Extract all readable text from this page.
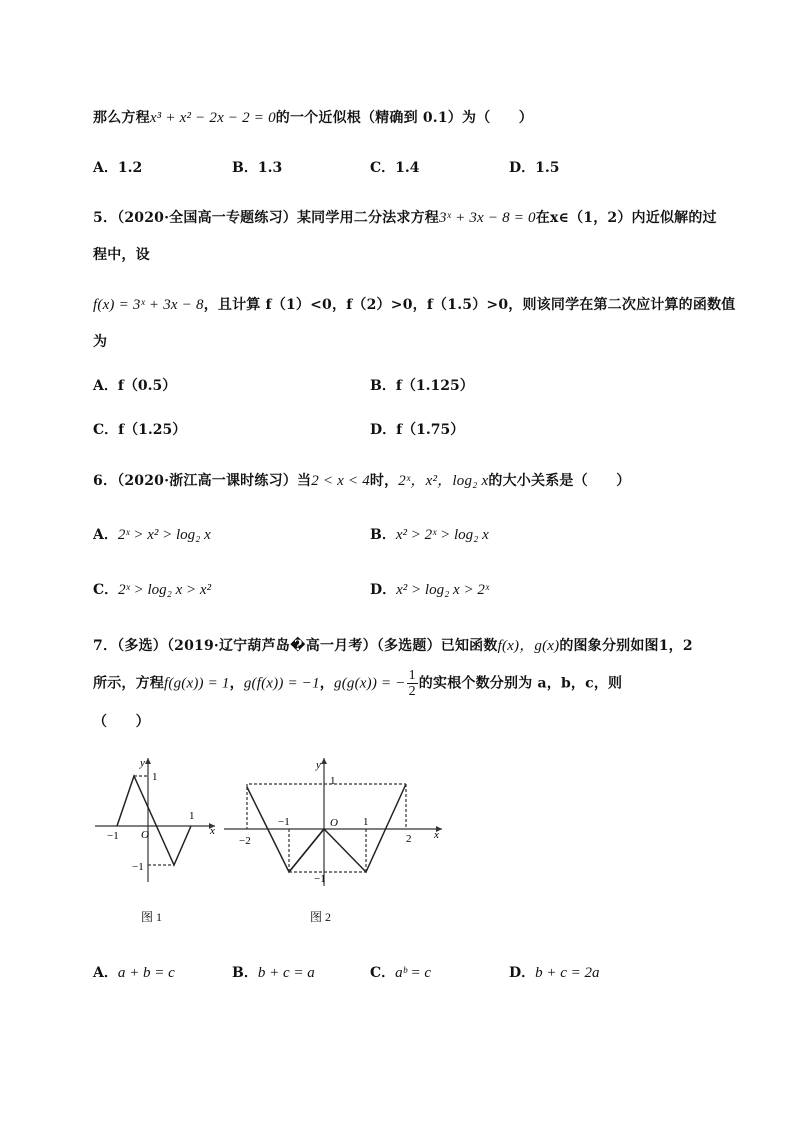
那么方程x³ + x² − 2x − 2 = 0的一个近似根（精确到 0.1）为（　　）
A．1.2	B．1.3	C．1.4	D．1.5
5．（2020·全国高一专题练习）某同学用二分法求方程3ˣ + 3x − 8 = 0在x∈（1，2）内近似解的过
程中，设
f(x) = 3ˣ + 3x − 8，且计算 f（1）<0，f（2）>0，f（1.5）>0，则该同学在第二次应计算的函数值
为
A．f（0.5）	B．f（1.125）
C．f（1.25）	D．f（1.75）
6．（2020·浙江高一课时练习）当2 < x < 4时，2ˣ，x²，log₂ x的大小关系是（　　）
A．2ˣ > x² > log₂ x	B．x² > 2ˣ > log₂ x
C．2ˣ > log₂ x > x²	D．x² > log₂ x > 2ˣ
7．（多选）（2019·辽宁葫芦岛�高一月考）（多选题）已知函数f(x)，g(x)的图象分别如图1，2
所示，方程f(g(x)) = 1，g(f(x)) = −1，g(g(x)) = − $\frac{1}{2}$ 的实根个数分别为 a，b，c，则
（　　）
y
x
O
1
−1
1
−1
y
x
O
1
−2
−1	1
2
−1
图 1	图 2
A．a + b = c	B．b + c = a	C．aᵇ = c	D．b + c = 2a
